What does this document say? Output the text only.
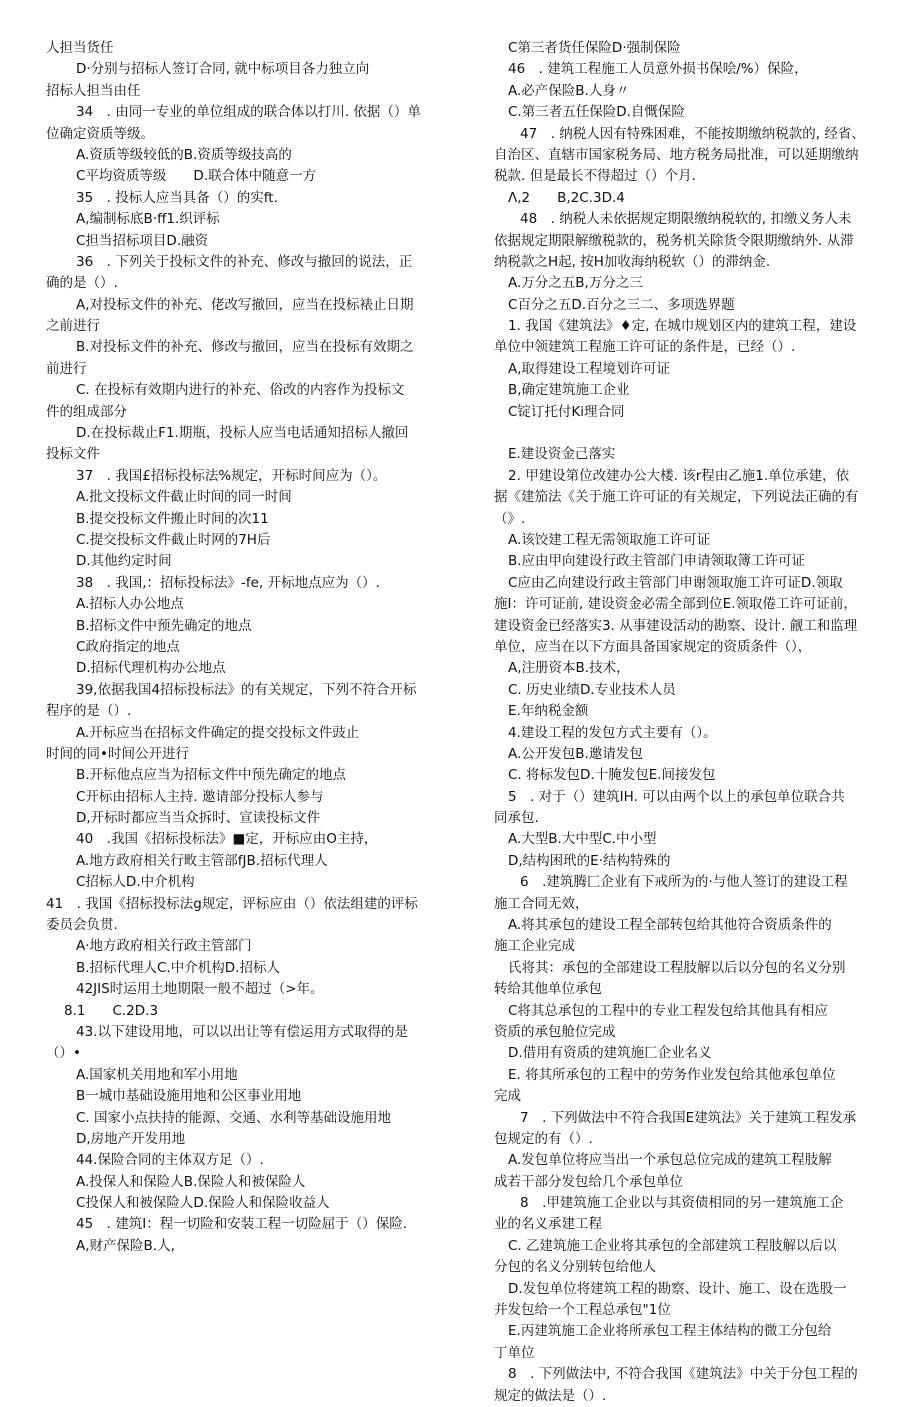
人担当货任
D·分别与招标人签订合同, 就中标项目各力独立向
招标人担当由任
34　. 由同一专业的单位组成的联合体以打川. 依据（）单
位确定资质等级。
A.资质等级较低的B.资质等级技高的
C平均资质等级　　D.联合体中随意一方
35　. 投标人应当具备（）的实ft.
A,编制标底B·ff1.织评标
C担当招标项目D.融资
36　. 下列关于投标文件的补充、修改与撤回的说法，正
确的是（）.
A,对投标文件的补充、佬改写撤回，应当在投标裱止日期
之前进行
B.对投标文件的补充、修改与撤回，应当在投标有效期之
前进行
C. 在投标有效期内进行的补充、俗改的内容作为投标文
件的组成部分
D.在投标裁止F1.期瓶，投标人应当电话通知招标人撤回
投标文件
37　. 我国£招标投标法%规定，开标时间应为（）。
A.批文投标文件截止时间的同一时间
B.提交投标文件搬止时间的次11
C.提交投标文件截止时网的7H后
D.其他约定时间
38　. 我国,：招标投标法》-fe, 开标地点应为（）.
A.招标人办公地点
B.招标文件中预先确定的地点
C政府指定的地点
D.招标代理机构办公地点
39,依据我国4招标投标法》的有关规定，下列不符合开标
程序的是（）.
A.开标应当在招标文件确定的提交投标文件豉止
时间的同•时间公开进行
B.开标他点应当为招标文件中预先确定的地点
C开标由招标人主持. 邀请部分投标人参与
D,开标时都应当当众拆时、宣读投标文件
40　.我国《招标投标法》■定，开标应由O主持，
A.地方政府相关行畋主管部fJB.招标代理人
C招标人D.中介机构
41　. 我国《招标投标法g规定，评标应由（）依法组建的评标
委员会负贯.
A·地方政府相关行政主管部门
B.招标代理人C.中介机构D.招标人
42JIS时运用土地期限一般不超过（>年。
8.1　　C.2D.3
43.以下建设用地，可以以出让等有偿运用方式取得的是
（）•
A.国家机关用地和军小用地
B一城巾基础设施用地和公区事业用地
C. 国家小点扶持的能源、交通、水利等基础设施用地
D,房地产开发用地
44.保险合同的主体双方足（）.
A.投保人和保险人B.保险人和被保险人
C投保人和被保险人D.保险人和保险收益人
45　. 建筑I：程一切险和安装工程一切险屈于（）保险.
A,财产保险B.人,
C第三者货任保险D·强制保险
46　. 建筑工程施工人员意外损书保哙/%）保险，
A.必产保险B.人身〃
C.第三者五任保险D.自慨保险
47　. 纳税人因有特殊困难，不能按期缴纳税款的, 经省、
自治区、直辖市国家税务局、地方税务局批准，可以延期缴纳
税款. 但是最长不得超过（）个月.
Λ,2　　B,2C.3D.4
48　. 纳税人未依据规定期限缴纳税软的, 扣缴义务人未
依据规定期限解缴税款的，税务机关除货令限期缴纳外. 从滞
纳税款之H起, 按H加收海纳税软（）的滞纳金.
A.万分之五B,万分之三
C百分之五D.百分之三二、多项选界题
1. 我国《建筑法》♦定, 在城巾规划区内的建筑工程，建设
单位中领建筑工程施工许可证的条件是，已经（）.
A,取得建设工程境划许可证
B,确定建筑施工企业
C锭订托付Ki理合同
E.建设资金己落实
2. 甲建设第位改建办公大楼. 该r程由乙施1.单位承建，依
据《建笳法《关于施工许可证的有关规定，下列说法正确的有
（》.
A.该饺建工程无需领取施工许可证
B.应由甲向建设行政主管部门申请领取簿工许可证
C应由乙向建设行政主管部门申谢领取施工许可证D.领取
施I：许可证前, 建设资金必需全部到位E.领取倦工许可证前，
建设资金已经落实3. 从事建设活动的勘察、设计. 觎工和监理
单位，应当在以下方面具备国家规定的资质条件（），
A,注册资本B.技术，
C. 历史业绩D.专业技术人员
E.年纳税金额
4.建设工程的发包方式主要有（）。
A.公开发包B.邀请发包
C. 将标发包D.十腌发包E.间接发包
5　. 对于（）建筑IH. 可以由两个以上的承包单位联合共
同承包.
A.大型B.大中型C.中小型
D,结构困玳的E·结构特殊的
6　.建筑腾匚企业有下戒所为的·与他人签订的建设工程
施工合同无效，
A.将其承包的建设工程全部转包给其他符合资质条件的
施工企业完成
氏将其：承包的全部建设工程肢解以后以分包的名义分别
转给其他单位承包
C将其总承包的工程中的专业工程发包给其他具有相应
资质的承包舱位完成
D.借用有资质的建筑施匚企业名义
E. 将其所承包的工程中的劳务作业发包给其他承包单位
完成
7　. 下列做法中不符合我国E建筑法》关于建筑工程发承
包规定的有（）.
A.发包单位将应当出一个承包总位完成的建筑工程肢解
成若干部分发包给几个承包单位
8　.甲建筑施工企业以与其资债相同的另一建筑施工企
业的名义承建工程
C. 乙建筑施工企业将其承包的全部建筑工程肢解以后以
分包的名义分别转包给他人
D.发包单位将建筑工程的勘察、设计、施工、设在选股一
并发包给一个工程总承包"1位
E.丙建筑施工企业将所承包工程主体结构的微工分包给
丁单位
8　. 下列做法中, 不符合我国《建筑法》中关于分包工程的
规定的做法是（）.
